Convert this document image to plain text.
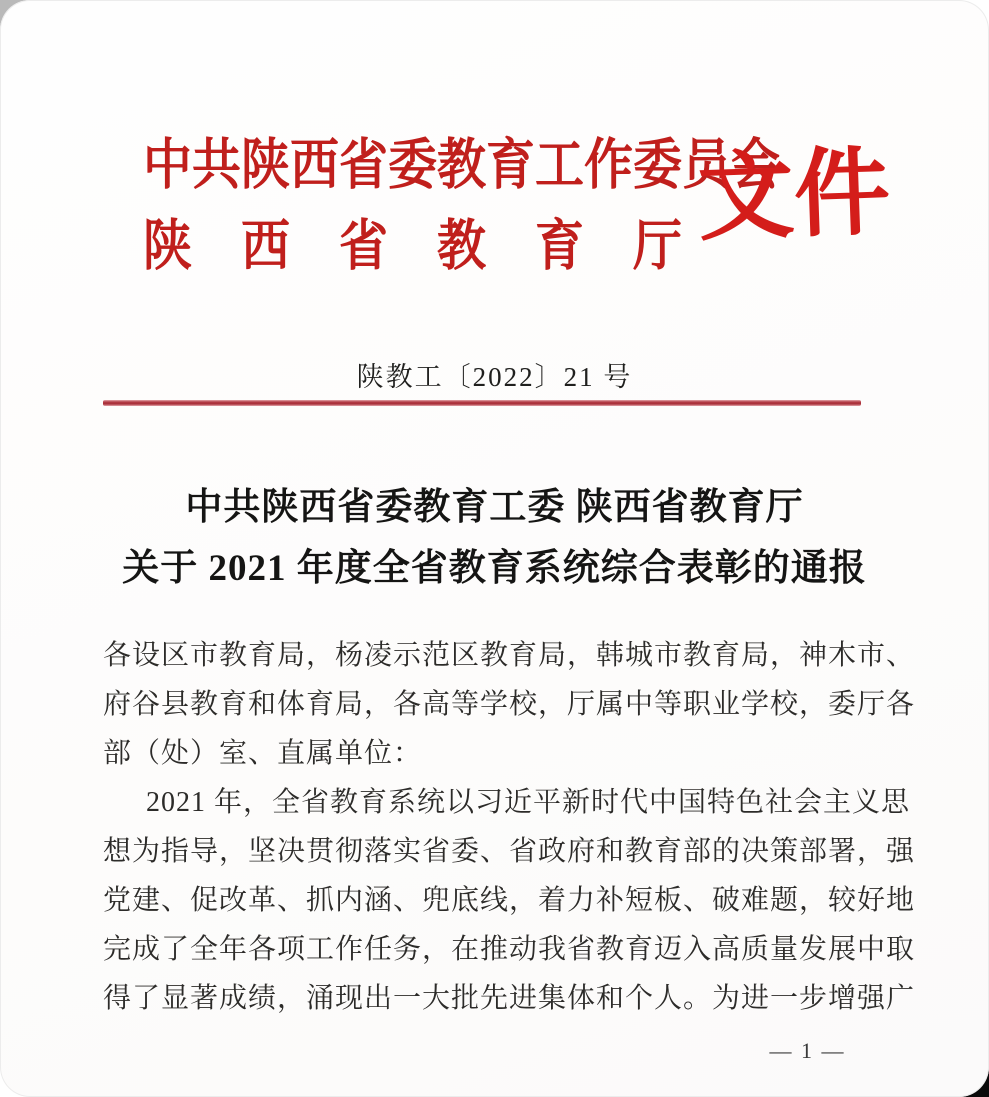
中共陕西省委教育工作委员会
陕　西　省　教　育　厅 文件
陕教工〔2022〕21 号
中共陕西省委教育工委 陕西省教育厅
关于 2021 年度全省教育系统综合表彰的通报
各设区市教育局，杨凌示范区教育局，韩城市教育局，神木市、
府谷县教育和体育局，各高等学校，厅属中等职业学校，委厅各
部（处）室、直属单位：
2021 年，全省教育系统以习近平新时代中国特色社会主义思
想为指导，坚决贯彻落实省委、省政府和教育部的决策部署，强
党建、促改革、抓内涵、兜底线，着力补短板、破难题，较好地
完成了全年各项工作任务，在推动我省教育迈入高质量发展中取
得了显著成绩，涌现出一大批先进集体和个人。为进一步增强广
— 1 —
